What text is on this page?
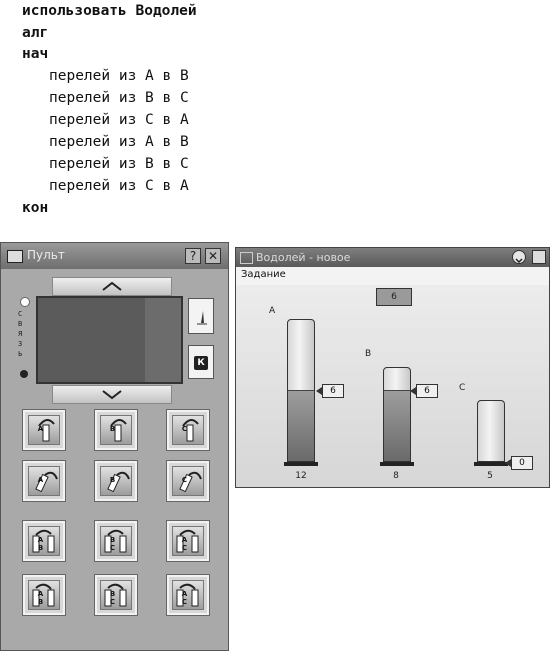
использовать Водолей
алг
нач
перелей из A в B
перелей из B в C
перелей из C в A
перелей из A в B
перелей из B в C
перелей из C в A
кон
Пульт	? ✕
С В Я З Ь
К
A	B	C
A	B	C
A B
B C
A C
A B
B C
A C
Водолей - новое
Задание
6
A
6
12
B
6
8
C
0
5
